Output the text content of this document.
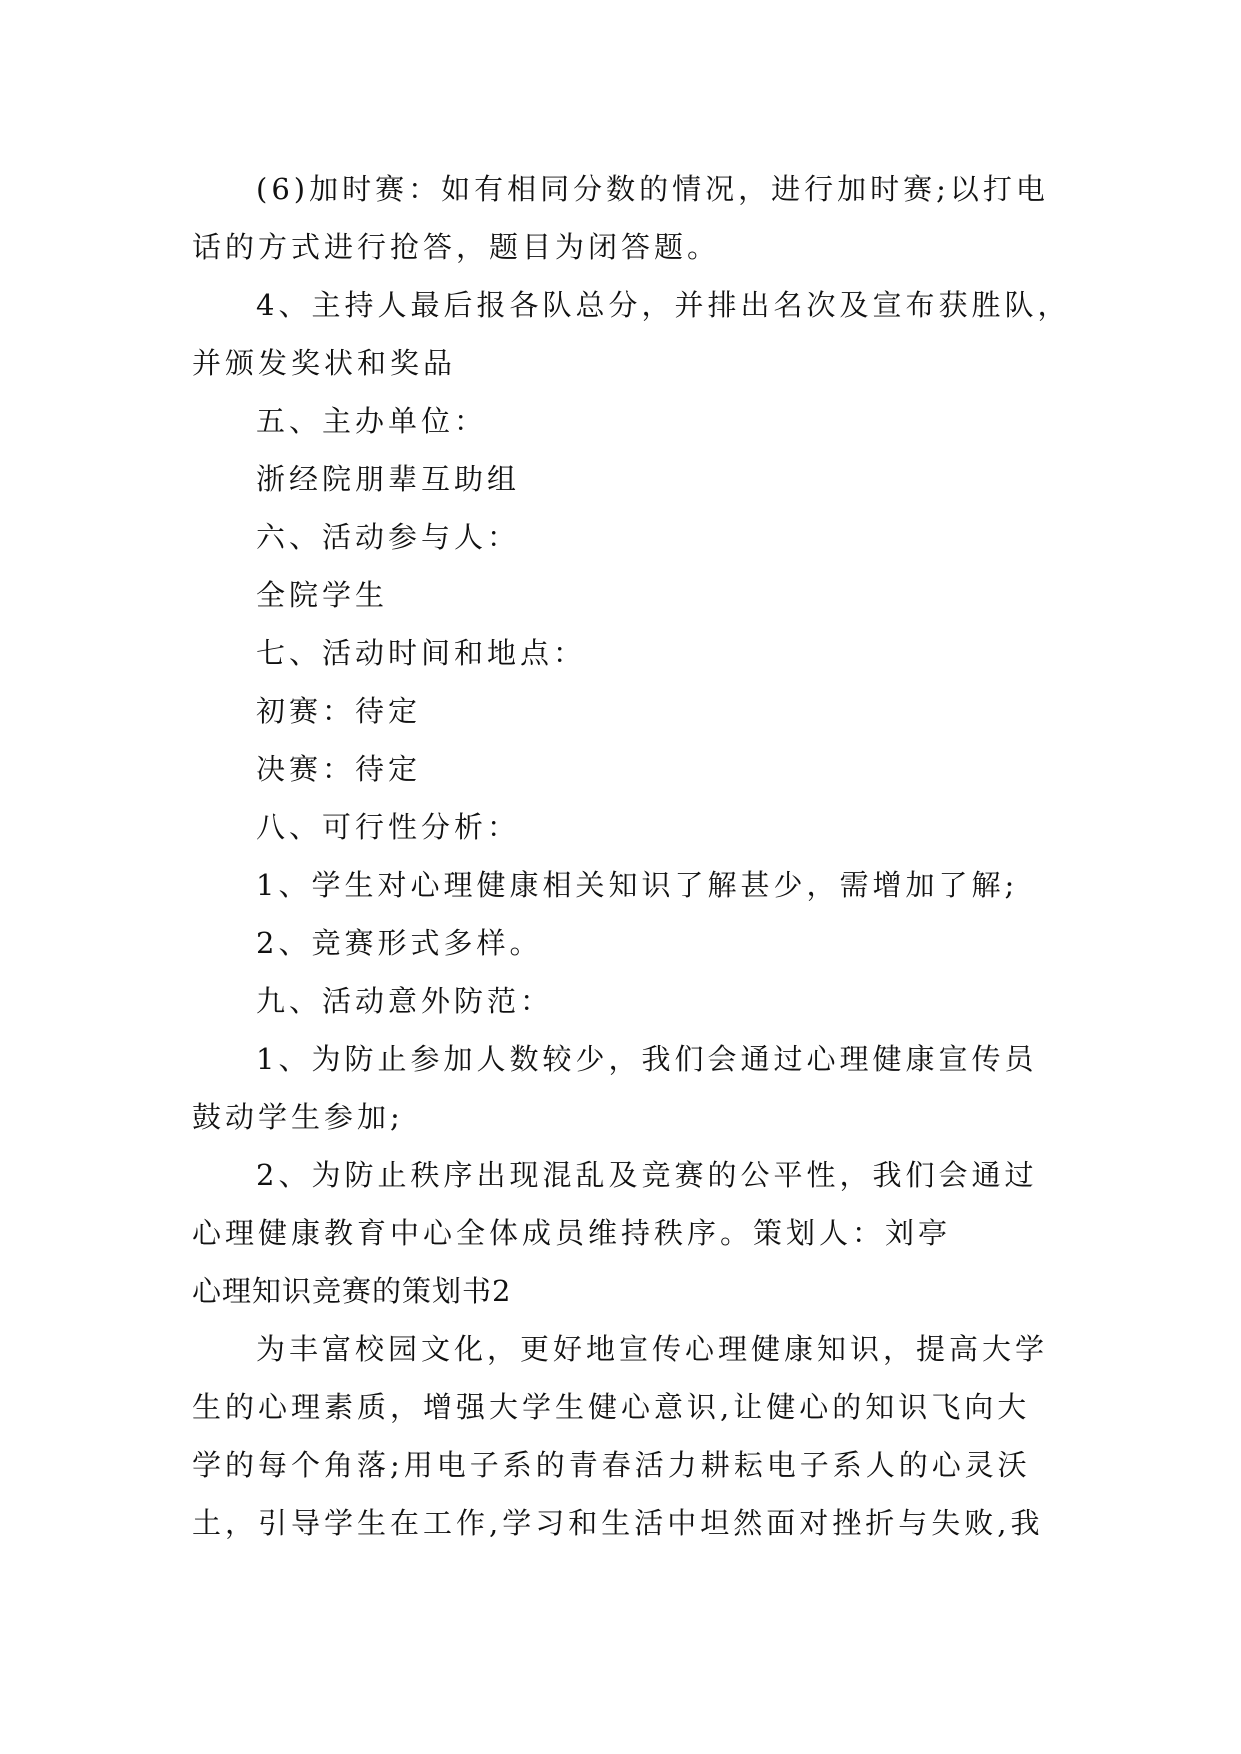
(6)加时赛：如有相同分数的情况，进行加时赛;以打电
话的方式进行抢答，题目为闭答题。
4、主持人最后报各队总分，并排出名次及宣布获胜队，
并颁发奖状和奖品
五、主办单位：
浙经院朋辈互助组
六、活动参与人：
全院学生
七、活动时间和地点：
初赛：待定
决赛：待定
八、可行性分析：
1、学生对心理健康相关知识了解甚少，需增加了解;
2、竞赛形式多样。
九、活动意外防范：
1、为防止参加人数较少，我们会通过心理健康宣传员
鼓动学生参加;
2、为防止秩序出现混乱及竞赛的公平性，我们会通过
心理健康教育中心全体成员维持秩序。策划人：刘亭
心理知识竞赛的策划书2
为丰富校园文化，更好地宣传心理健康知识，提高大学
生的心理素质，增强大学生健心意识,让健心的知识飞向大
学的每个角落;用电子系的青春活力耕耘电子系人的心灵沃
土，引导学生在工作,学习和生活中坦然面对挫折与失败,我
